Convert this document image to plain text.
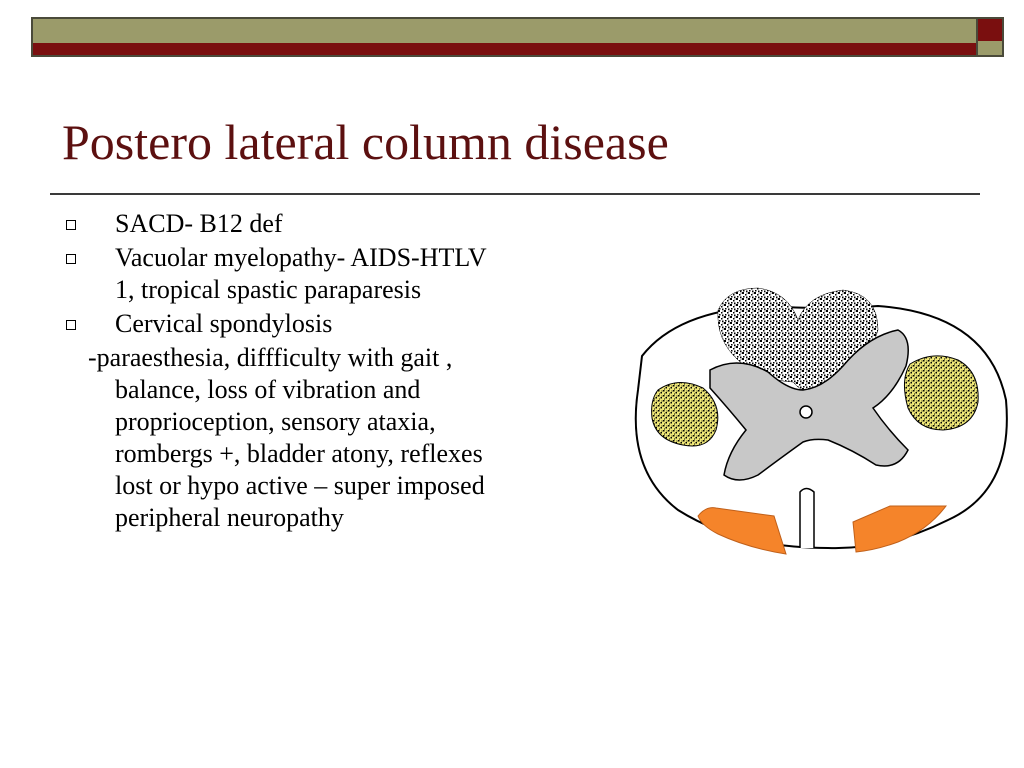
Postero lateral column disease
SACD- B12 def
Vacuolar myelopathy- AIDS-HTLV 1, tropical spastic paraparesis
Cervical spondylosis
-paraesthesia, diffficulty with gait , balance, loss of vibration and proprioception, sensory ataxia, rombergs +, bladder atony, reflexes lost or hypo active – super imposed peripheral neuropathy
